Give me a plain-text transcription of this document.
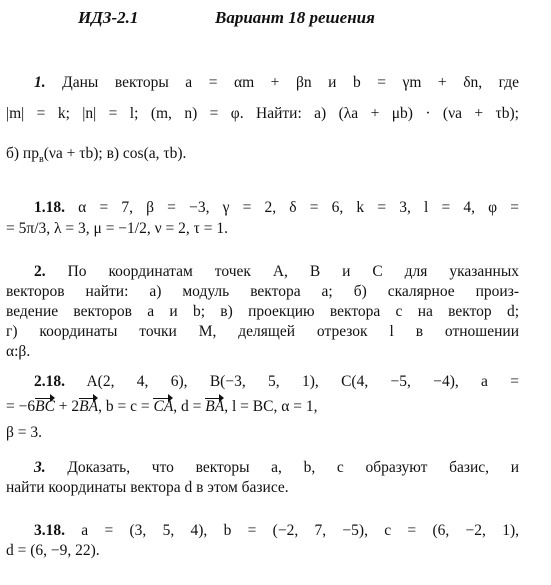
ИДЗ-2.1	Вариант 18 решения
1. Даны векторы a = αm + βn и b = γm + δn, где
|m| = k; |n| = l; (m, n) = φ. Найти: а) (λa + μb) · (νa + τb);
б) $пр_в(\nu a + \tau b)$; в) cos(a, τb).
1.18. α = 7, β = −3, γ = 2, δ = 6, k = 3, l = 4, φ =
= 5π/3, λ = 3, μ = −1/2, ν = 2, τ = 1.
2. По координатам точек A, B и C для указанных
векторов найти: а) модуль вектора a; б) скалярное произ-
ведение векторов a и b; в) проекцию вектора c на вектор d;
г) координаты точки M, делящей отрезок l в отношении
α:β.
2.18. A(2, 4, 6), B(−3, 5, 1), C(4, −5, −4), a =
= −6BC + 2BA, b = c = CA, d = BA, l = BC, α = 1,
β = 3.
3. Доказать, что векторы a, b, c образуют базис, и
найти координаты вектора d в этом базисе.
3.18. a = (3, 5, 4), b = (−2, 7, −5), c = (6, −2, 1),
d = (6, −9, 22).
